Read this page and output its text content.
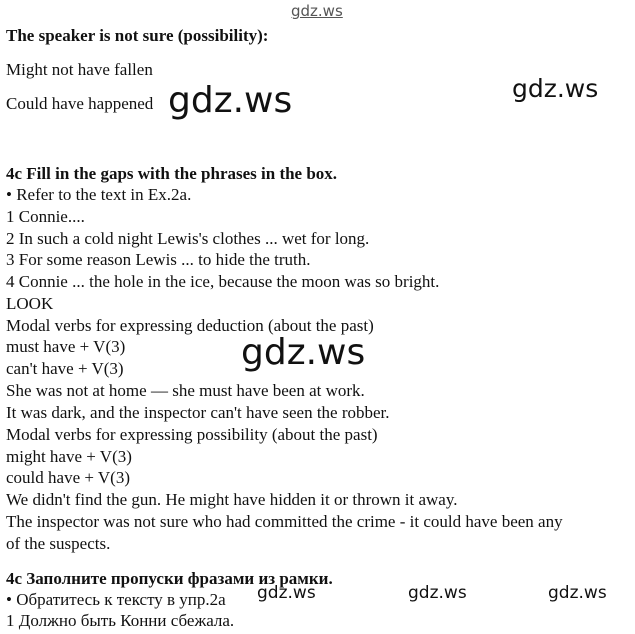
gdz.ws
gdz.ws	gdz.ws
gdz.ws
gdz.ws	gdz.ws	gdz.ws
The speaker is not sure (possibility):
Might not have fallen
Could have happened
4c Fill in the gaps with the phrases in the box.
• Refer to the text in Ex.2a.
1 Connie....
2 In such a cold night Lewis's clothes ... wet for long.
3 For some reason Lewis ... to hide the truth.
4 Connie ... the hole in the ice, because the moon was so bright.
LOOK
Modal verbs for expressing deduction (about the past)
must have + V(3)
can't have + V(3)
She was not at home — she must have been at work.
It was dark, and the inspector can't have seen the robber.
Modal verbs for expressing possibility (about the past)
might have + V(3)
could have + V(3)
We didn't find the gun. He might have hidden it or thrown it away.
The inspector was not sure who had committed the crime - it could have been any
of the suspects.
4c Заполните пропуски фразами из рамки.
• Обратитесь к тексту в упр.2а
1 Должно быть Конни сбежала.
